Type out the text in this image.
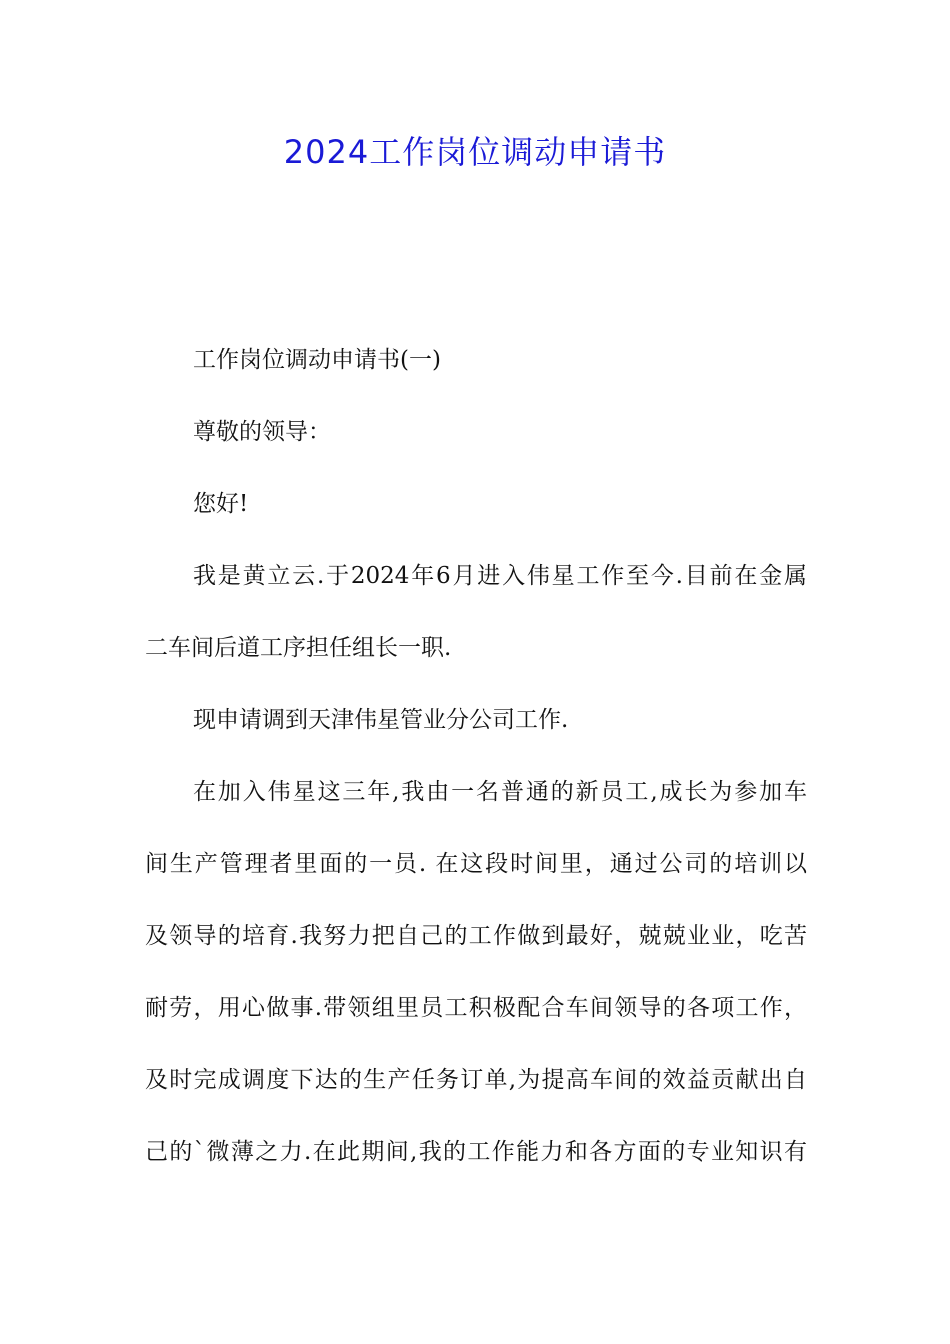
2024工作岗位调动申请书
工作岗位调动申请书(一)
尊敬的领导：
您好!
我是黄立云.于2024年6月进入伟星工作至今.目前在金属
二车间后道工序担任组长一职.
现申请调到天津伟星管业分公司工作.
在加入伟星这三年,我由一名普通的新员工,成长为参加车
间生产管理者里面的一员. 在这段时间里，通过公司的培训以
及领导的培育.我努力把自己的工作做到最好，兢兢业业，吃苦
耐劳，用心做事.带领组里员工积极配合车间领导的各项工作，
及时完成调度下达的生产任务订单,为提高车间的效益贡献出自
己的`微薄之力.在此期间,我的工作能力和各方面的专业知识有
